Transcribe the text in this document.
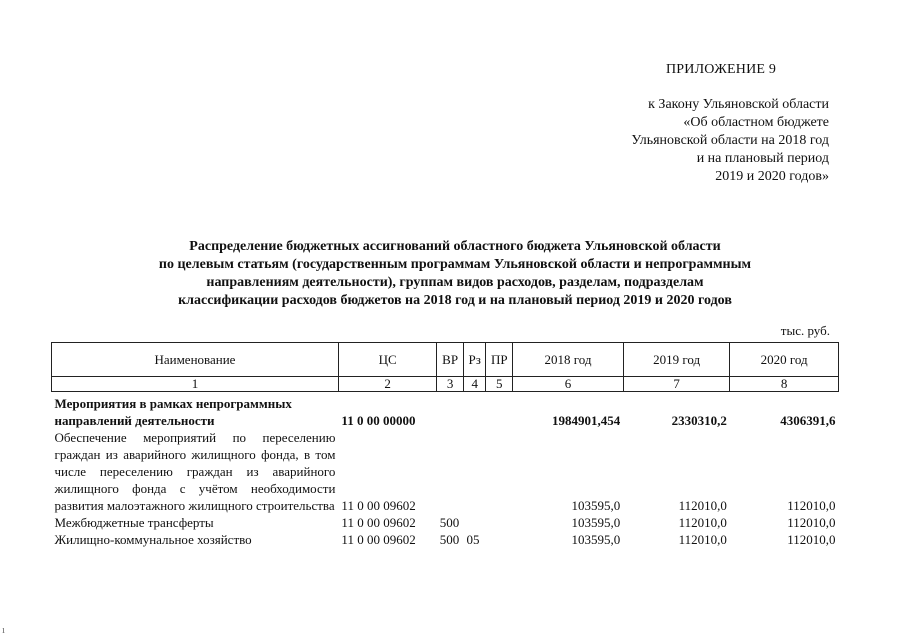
ПРИЛОЖЕНИЕ 9
к Закону Ульяновской области
«Об областном бюджете
Ульяновской области на 2018 год
и на плановый период
2019 и 2020 годов»
Распределение бюджетных ассигнований областного бюджета Ульяновской области
по целевым статьям (государственным программам Ульяновской области и непрограммным
направлениям деятельности), группам видов расходов, разделам, подразделам
классификации расходов бюджетов на 2018 год и на плановый период 2019 и 2020 годов
тыс. руб.
Наименование	ЦС	ВР	Рз	ПР	2018 год	2019 год	2020 год
1	2	3	4	5	6	7	8
Мероприятия в рамках непрограммных направлений деятельности	11 0 00 00000				1984901,454	2330310,2	4306391,6
Обеспечение мероприятий по переселению граждан из аварийного жилищного фонда, в том числе переселению граждан из аварийного жилищного фонда с учётом необходимости развития малоэтажного жилищного строительства	11 0 00 09602				103595,0	112010,0	112010,0
Межбюджетные трансферты	11 0 00 09602	500			103595,0	112010,0	112010,0
Жилищно-коммунальное хозяйство	11 0 00 09602	500	05		103595,0	112010,0	112010,0
ı
